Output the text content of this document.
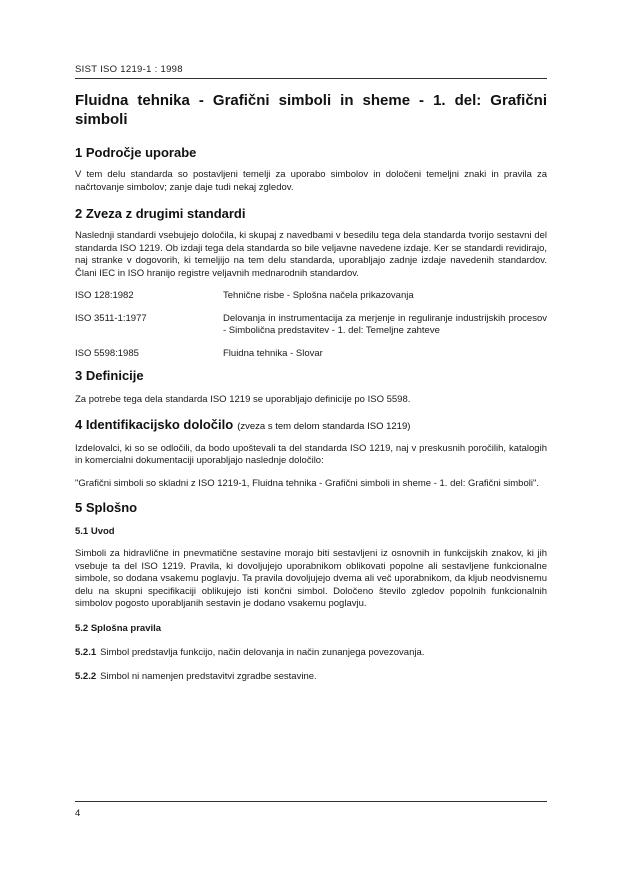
SIST ISO 1219-1 : 1998
Fluidna tehnika - Grafični simboli in sheme - 1. del: Grafični simboli
1 Področje uporabe

V tem delu standarda so postavljeni temelji za uporabo simbolov in določeni temeljni znaki in pravila za načrtovanje simbolov; zanje daje tudi nekaj zgledov.

2 Zveza z drugimi standardi

Naslednji standardi vsebujejo določila, ki skupaj z navedbami v besedilu tega dela standarda tvorijo sestavni del standarda ISO 1219. Ob izdaji tega dela standarda so bile veljavne navedene izdaje. Ker se standardi revidirajo, naj stranke v dogovorih, ki temeljijo na tem delu standarda, uporabljajo zadnje izdaje navedenih standardov. Člani IEC in ISO hranijo registre veljavnih mednarodnih standardov.

ISO 128:1982	Tehnične risbe - Splošna načela prikazovanja
ISO 3511-1:1977	Delovanja in instrumentacija za merjenje in reguliranje industrijskih procesov - Simbolična predstavitev - 1. del: Temeljne zahteve
ISO 5598:1985	Fluidna tehnika - Slovar
3 Definicije

Za potrebe tega dela standarda ISO 1219 se uporabljajo definicije po ISO 5598.

4 Identifikacijsko določilo (zveza s tem delom standarda ISO 1219)

Izdelovalci, ki so se odločili, da bodo upoštevali ta del standarda ISO 1219, naj v preskusnih poročilih, katalogih in komercialni dokumentaciji uporabljajo naslednje določilo:

"Grafični simboli so skladni z ISO 1219-1, Fluidna tehnika - Grafični simboli in sheme - 1. del: Grafični simboli".

5 Splošno
5.1 Uvod

Simboli za hidravlične in pnevmatične sestavine morajo biti sestavljeni iz osnovnih in funkcijskih znakov, ki jih vsebuje ta del ISO 1219. Pravila, ki dovoljujejo uporabnikom oblikovati popolne ali sestavljene funkcionalne simbole, so dodana vsakemu poglavju. Ta pravila dovoljujejo dvema ali več uporabnikom, da kljub neodvisnemu delu na skupni specifikaciji oblikujejo isti končni simbol. Določeno število zgledov popolnih funkcionalnih simbolov pogosto uporabljanih sestavin je dodano vsakemu poglavju.

5.2 Splošna pravila

5.2.1 Simbol predstavlja funkcijo, način delovanja in način zunanjega povezovanja.

5.2.2 Simbol ni namenjen predstavitvi zgradbe sestavine.

4
